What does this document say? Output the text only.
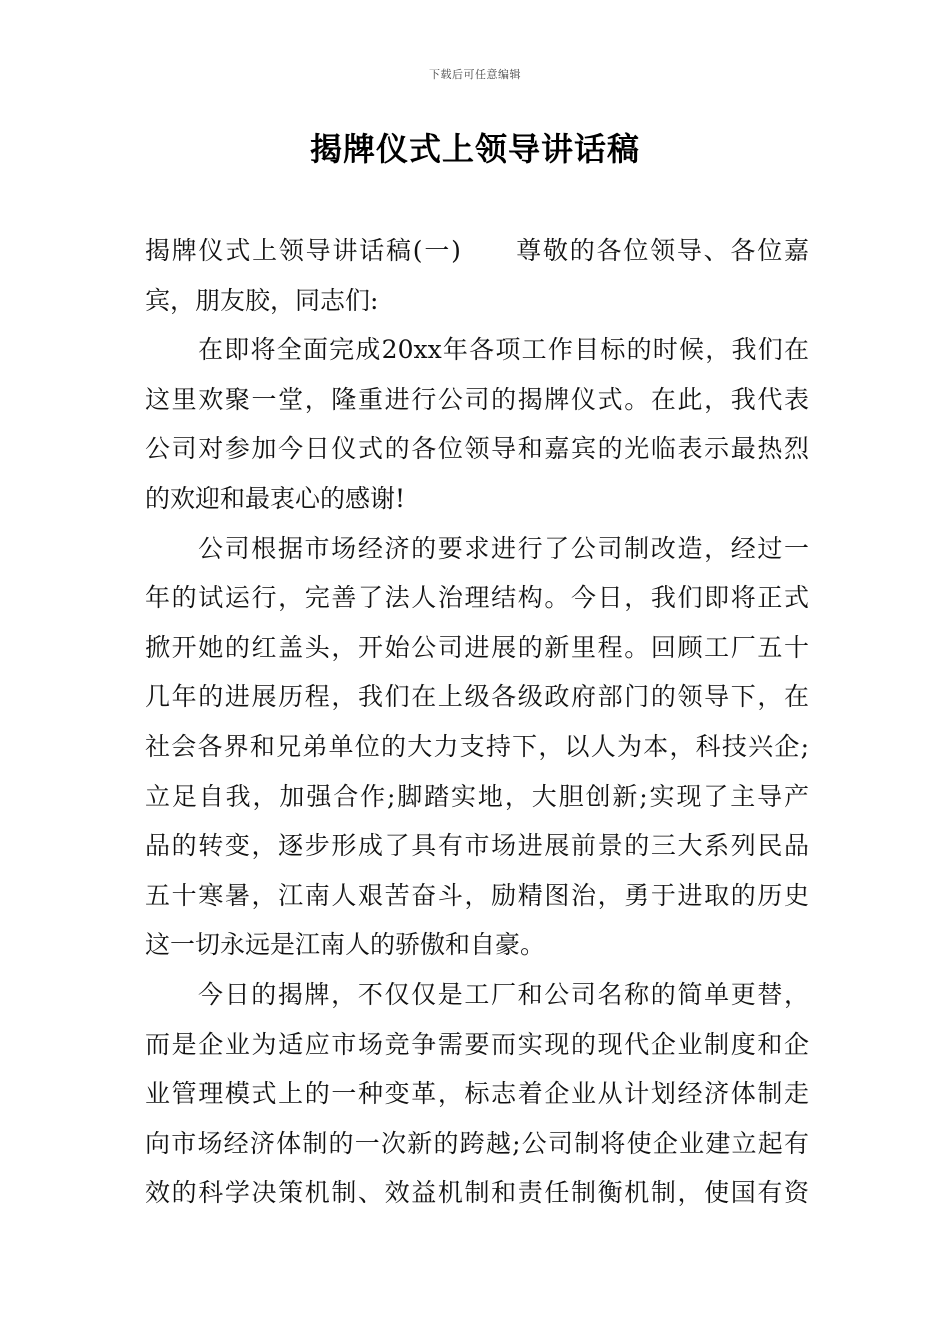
下载后可任意编辑
揭牌仪式上领导讲话稿
揭牌仪式上领导讲话稿(一)　　尊敬的各位领导、各位嘉
宾，朋友胶，同志们:
在即将全面完成20xx年各项工作目标的时候，我们在
这里欢聚一堂，隆重进行公司的揭牌仪式。在此，我代表
公司对参加今日仪式的各位领导和嘉宾的光临表示最热烈
的欢迎和最衷心的感谢!
公司根据市场经济的要求进行了公司制改造，经过一
年的试运行，完善了法人治理结构。今日，我们即将正式
掀开她的红盖头，开始公司进展的新里程。回顾工厂五十
几年的进展历程，我们在上级各级政府部门的领导下，在
社会各界和兄弟单位的大力支持下，以人为本，科技兴企;
立足自我，加强合作;脚踏实地，大胆创新;实现了主导产
品的转变，逐步形成了具有市场进展前景的三大系列民品
五十寒暑，江南人艰苦奋斗，励精图治，勇于进取的历史
这一切永远是江南人的骄傲和自豪。
今日的揭牌，不仅仅是工厂和公司名称的简单更替，
而是企业为适应市场竞争需要而实现的现代企业制度和企
业管理模式上的一种变革，标志着企业从计划经济体制走
向市场经济体制的一次新的跨越;公司制将使企业建立起有
效的科学决策机制、效益机制和责任制衡机制，使国有资
